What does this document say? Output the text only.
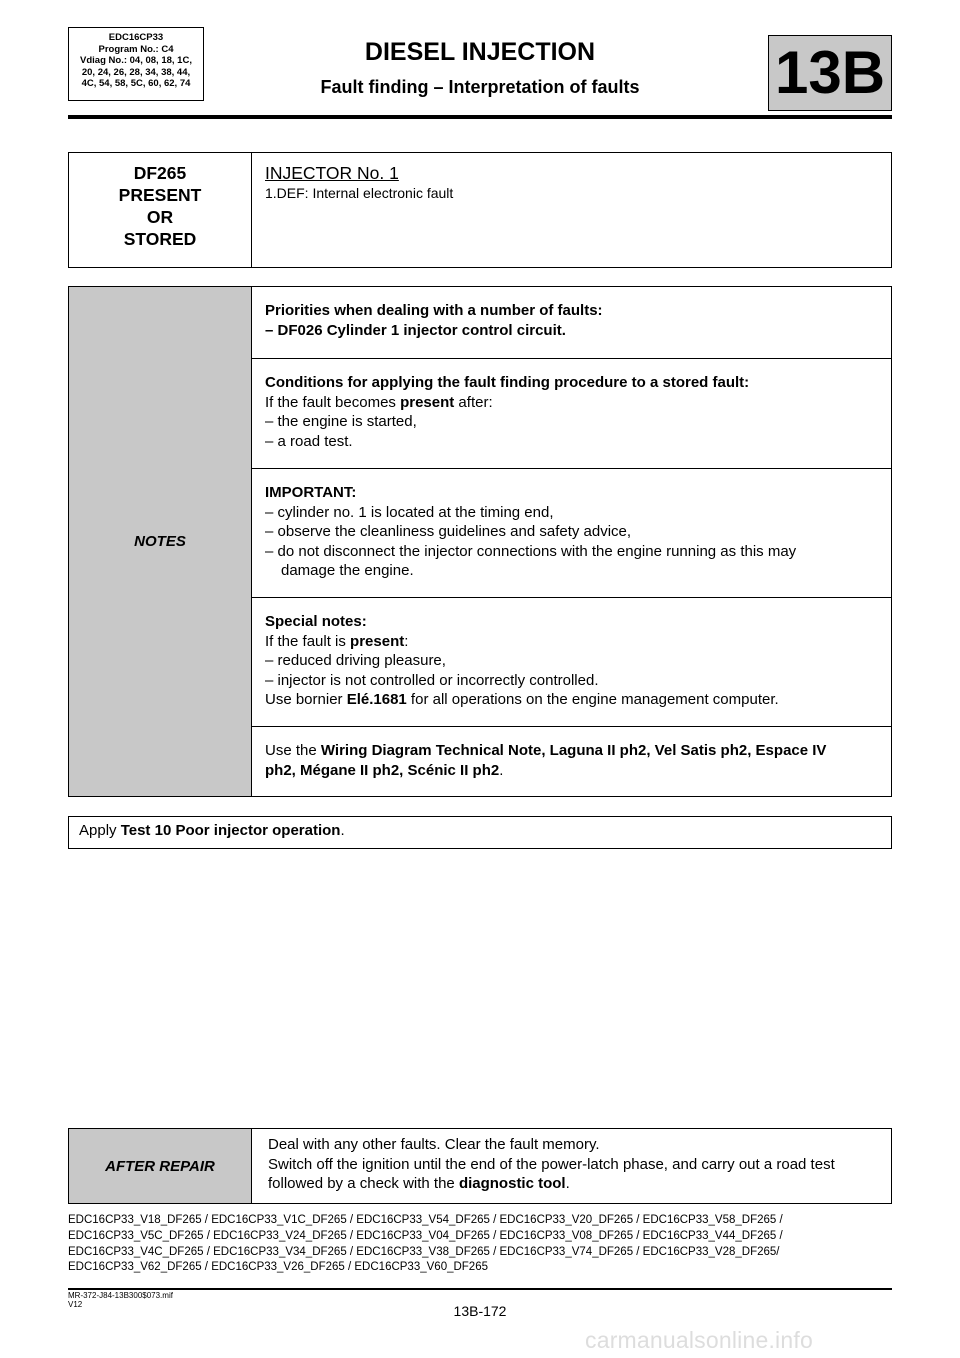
EDC16CP33
Program No.: C4
Vdiag No.: 04, 08, 18, 1C,
20, 24, 26, 28, 34, 38, 44,
4C, 54, 58, 5C, 60, 62, 74
DIESEL INJECTION
Fault finding – Interpretation of faults	13B
DF265
PRESENT
OR
STORED
INJECTOR No. 1
1.DEF: Internal electronic fault
NOTES
Priorities when dealing with a number of faults:
– DF026 Cylinder 1 injector control circuit.
Conditions for applying the fault finding procedure to a stored fault:
If the fault becomes present after:
– the engine is started,
– a road test.
IMPORTANT:
– cylinder no. 1 is located at the timing end,
– observe the cleanliness guidelines and safety advice,
– do not disconnect the injector connections with the engine running as this may
damage the engine.
Special notes:
If the fault is present:
– reduced driving pleasure,
– injector is not controlled or incorrectly controlled.
Use bornier Elé.1681 for all operations on the engine management computer.
Use the Wiring Diagram Technical Note, Laguna II ph2, Vel Satis ph2, Espace IV
ph2, Mégane II ph2, Scénic II ph2.
Apply Test 10 Poor injector operation.
AFTER REPAIR
Deal with any other faults. Clear the fault memory.
Switch off the ignition until the end of the power-latch phase, and carry out a road test
followed by a check with the diagnostic tool.
EDC16CP33_V18_DF265 / EDC16CP33_V1C_DF265 / EDC16CP33_V54_DF265 / EDC16CP33_V20_DF265 / EDC16CP33_V58_DF265 /
EDC16CP33_V5C_DF265 / EDC16CP33_V24_DF265 / EDC16CP33_V04_DF265 / EDC16CP33_V08_DF265 / EDC16CP33_V44_DF265 /
EDC16CP33_V4C_DF265 / EDC16CP33_V34_DF265 / EDC16CP33_V38_DF265 / EDC16CP33_V74_DF265 / EDC16CP33_V28_DF265/
EDC16CP33_V62_DF265 / EDC16CP33_V26_DF265 / EDC16CP33_V60_DF265
MR-372-J84-13B300$073.mif
V12	13B-172
carmanualsonline.info
